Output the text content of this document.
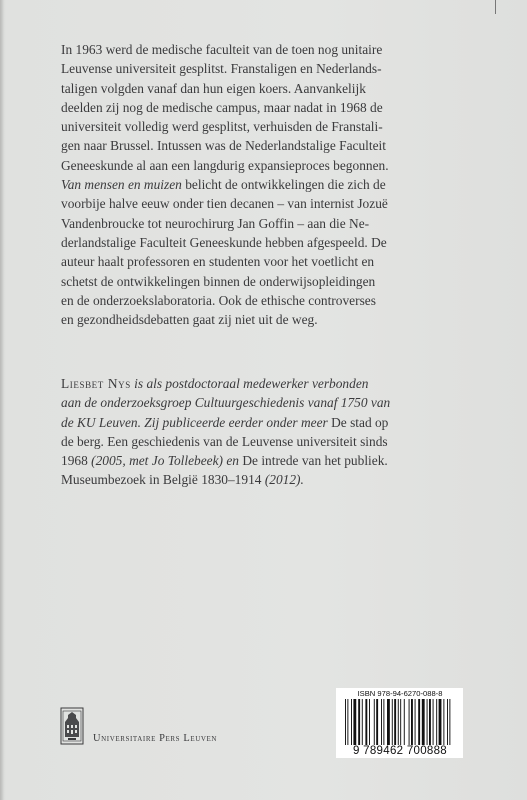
In 1963 werd de medische faculteit van de toen nog unitaire
Leuvense universiteit gesplitst. Franstaligen en Nederlands-
taligen volgden vanaf dan hun eigen koers. Aanvankelijk
deelden zij nog de medische campus, maar nadat in 1968 de
universiteit volledig werd gesplitst, verhuisden de Franstali-
gen naar Brussel. Intussen was de Nederlandstalige Faculteit
Geneeskunde al aan een langdurig expansieproces begonnen.
Van mensen en muizen belicht de ontwikkelingen die zich de
voorbije halve eeuw onder tien decanen – van internist Jozuë
Vandenbroucke tot neurochirurg Jan Goffin – aan die Ne-
derlandstalige Faculteit Geneeskunde hebben afgespeeld. De
auteur haalt professoren en studenten voor het voetlicht en
schetst de ontwikkelingen binnen de onderwijsopleidingen
en de onderzoekslaboratoria. Ook de ethische controverses
en gezondheidsdebatten gaat zij niet uit de weg.

Liesbet Nys is als postdoctoraal medewerker verbonden
aan de onderzoeksgroep Cultuurgeschiedenis vanaf 1750 van
de KU Leuven. Zij publiceerde eerder onder meer De stad op
de berg. Een geschiedenis van de Leuvense universiteit sinds
1968 (2005, met Jo Tollebeek) en De intrede van het publiek.
Museumbezoek in België 1830–1914 (2012).

ISBN 978-94-6270-088-8
9 789462 700888
Universitaire Pers Leuven
